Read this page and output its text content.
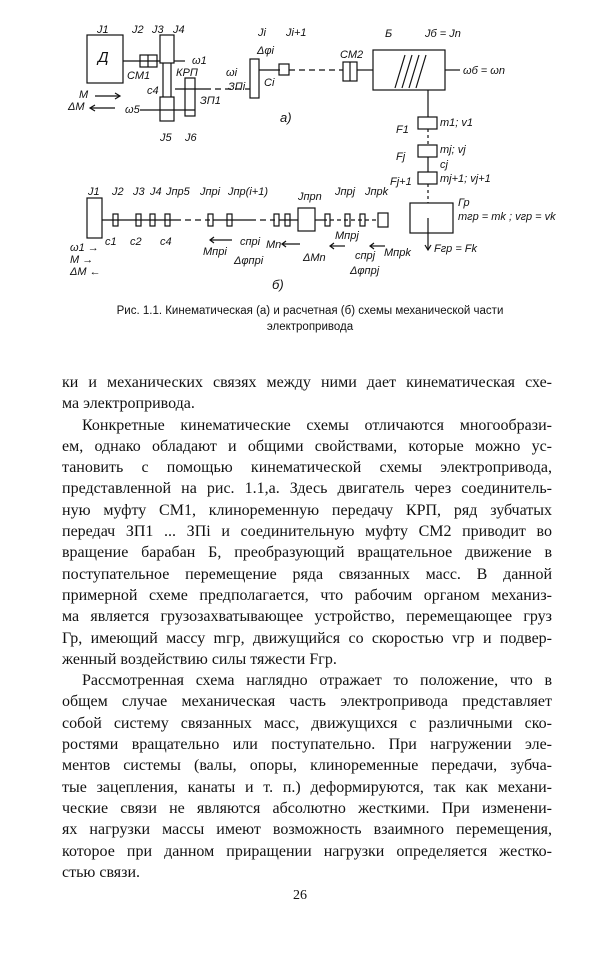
Д
J1 J2 J3 J4
СМ1 КРП
ω1
ω5
c4
ЗП1
M
ΔM
J5 J6
Ji Ji+1
Δφi
ωi
ЗПi Ci
СМ2
Б	Jб = Jn
ωб = ωn
а)
F1
m1; v1
Fj
mj; vj
cj
Fj+1	mj+1; vj+1
J1 J2 J3 J4 Jпр5 Jпрi Jпр(i+1)	Jпрn Jпрj Jпрk
c1 c2 c4
Mпрi
cпрi
Δφпрi
Mn
ΔMn
Mпрj
cпрj
Δφпрj
Mпрk
ω1 →
M →
ΔM ←
Гр
mгр = mk ; vгр = vk
Fгр = Fk
б)
Рис. 1.1. Кинематическая (а) и расчетная (б) схемы механической части
электропривода
ки и механических связях между ними дает кинематическая схе-
ма электропривода.
Конкретные кинематические схемы отличаются многообрази-
ем, однако обладают и общими свойствами, которые можно ус-
тановить с помощью кинематической схемы электропривода,
представленной на рис. 1.1,а. Здесь двигатель через соединитель-
ную муфту СМ1, клиноременную передачу КРП, ряд зубчатых
передач ЗП1 ... ЗПi и соединительную муфту СМ2 приводит во
вращение барабан Б, преобразующий вращательное движение в
поступательное перемещение ряда связанных масс. В данной
примерной схеме предполагается, что рабочим органом механиз-
ма является грузозахватывающее устройство, перемещающее груз
Гр, имеющий массу mгр, движущийся со скоростью vгр и подвер-
женный воздействию силы тяжести Fгр.
Рассмотренная схема наглядно отражает то положение, что в
общем случае механическая часть электропривода представляет
собой систему связанных масс, движущихся с различными ско-
ростями вращательно или поступательно. При нагружении эле-
ментов системы (валы, опоры, клиноременные передачи, зубча-
тые зацепления, канаты и т. п.) деформируются, так как механи-
ческие связи не являются абсолютно жесткими. При изменени-
ях нагрузки массы имеют возможность взаимного перемещения,
которое при данном приращении нагрузки определяется жестко-
стью связи.
26
